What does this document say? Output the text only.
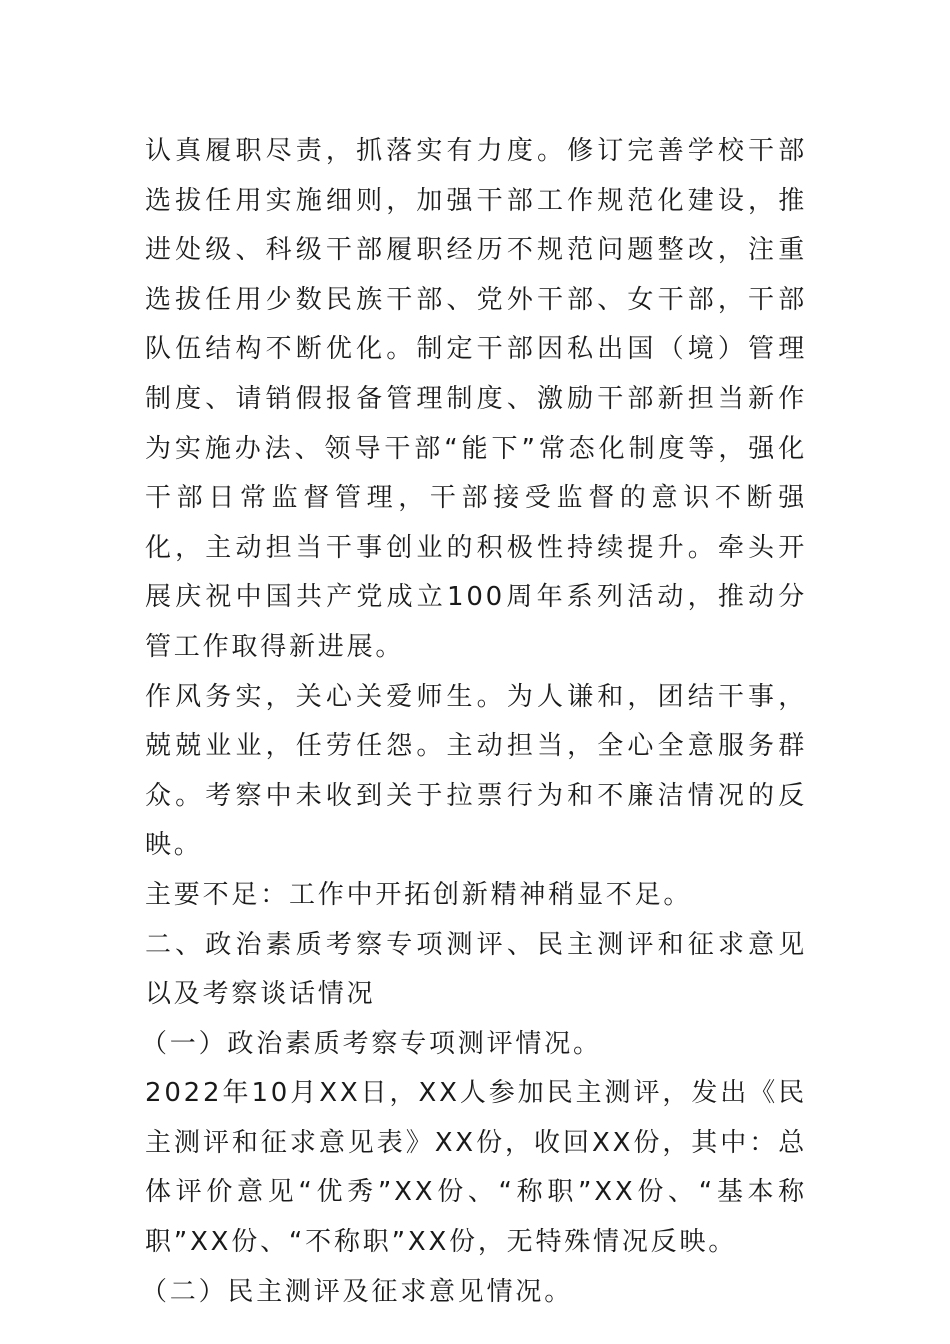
认真履职尽责，抓落实有力度。修订完善学校干部选拔任用实施细则，加强干部工作规范化建设，推进处级、科级干部履职经历不规范问题整改，注重选拔任用少数民族干部、党外干部、女干部，干部队伍结构不断优化。制定干部因私出国（境）管理制度、请销假报备管理制度、激励干部新担当新作为实施办法、领导干部“能下”常态化制度等，强化干部日常监督管理，干部接受监督的意识不断强化，主动担当干事创业的积极性持续提升。牵头开展庆祝中国共产党成立100周年系列活动，推动分管工作取得新进展。

作风务实，关心关爱师生。为人谦和，团结干事，兢兢业业，任劳任怨。主动担当，全心全意服务群众。考察中未收到关于拉票行为和不廉洁情况的反映。

主要不足：工作中开拓创新精神稍显不足。

二、政治素质考察专项测评、民主测评和征求意见以及考察谈话情况

（一）政治素质考察专项测评情况。

2022年10月XX日，XX人参加民主测评，发出《民主测评和征求意见表》XX份，收回XX份，其中：总体评价意见“优秀”XX份、“称职”XX份、“基本称职”XX份、“不称职”XX份，无特殊情况反映。

（二）民主测评及征求意见情况。
